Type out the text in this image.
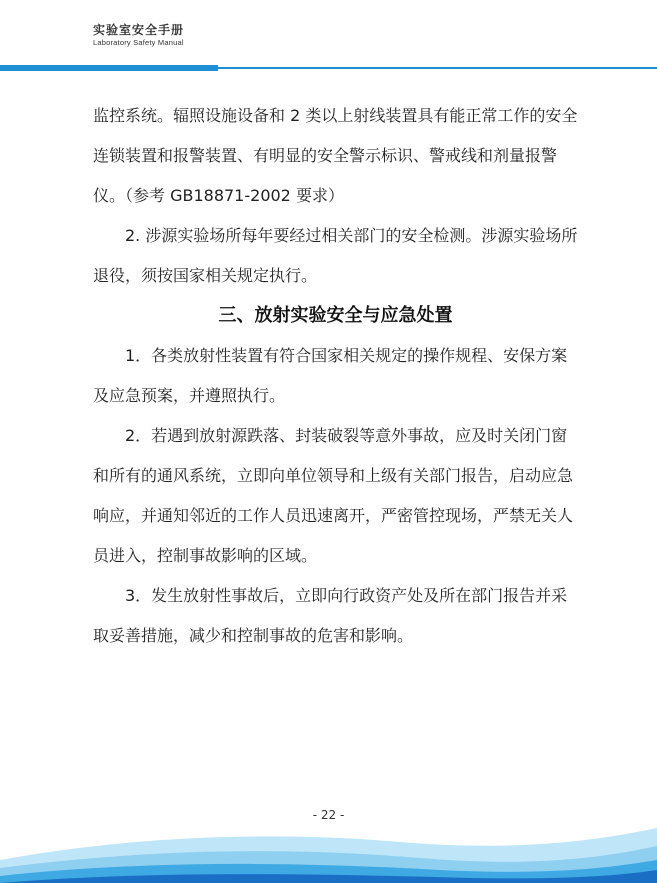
实验室安全手册
Laboratory Safety Manual

监控系统。辐照设施设备和 2 类以上射线装置具有能正常工作的安全连锁装置和报警装置、有明显的安全警示标识、警戒线和剂量报警仪。（参考 GB18871-2002 要求）

2. 涉源实验场所每年要经过相关部门的安全检测。涉源实验场所退役，须按国家相关规定执行。

三、放射实验安全与应急处置

1．各类放射性装置有符合国家相关规定的操作规程、安保方案及应急预案，并遵照执行。

2．若遇到放射源跌落、封装破裂等意外事故，应及时关闭门窗和所有的通风系统，立即向单位领导和上级有关部门报告，启动应急响应，并通知邻近的工作人员迅速离开，严密管控现场，严禁无关人员进入，控制事故影响的区域。

3．发生放射性事故后，立即向行政资产处及所在部门报告并采取妥善措施，减少和控制事故的危害和影响。

- 22 -
